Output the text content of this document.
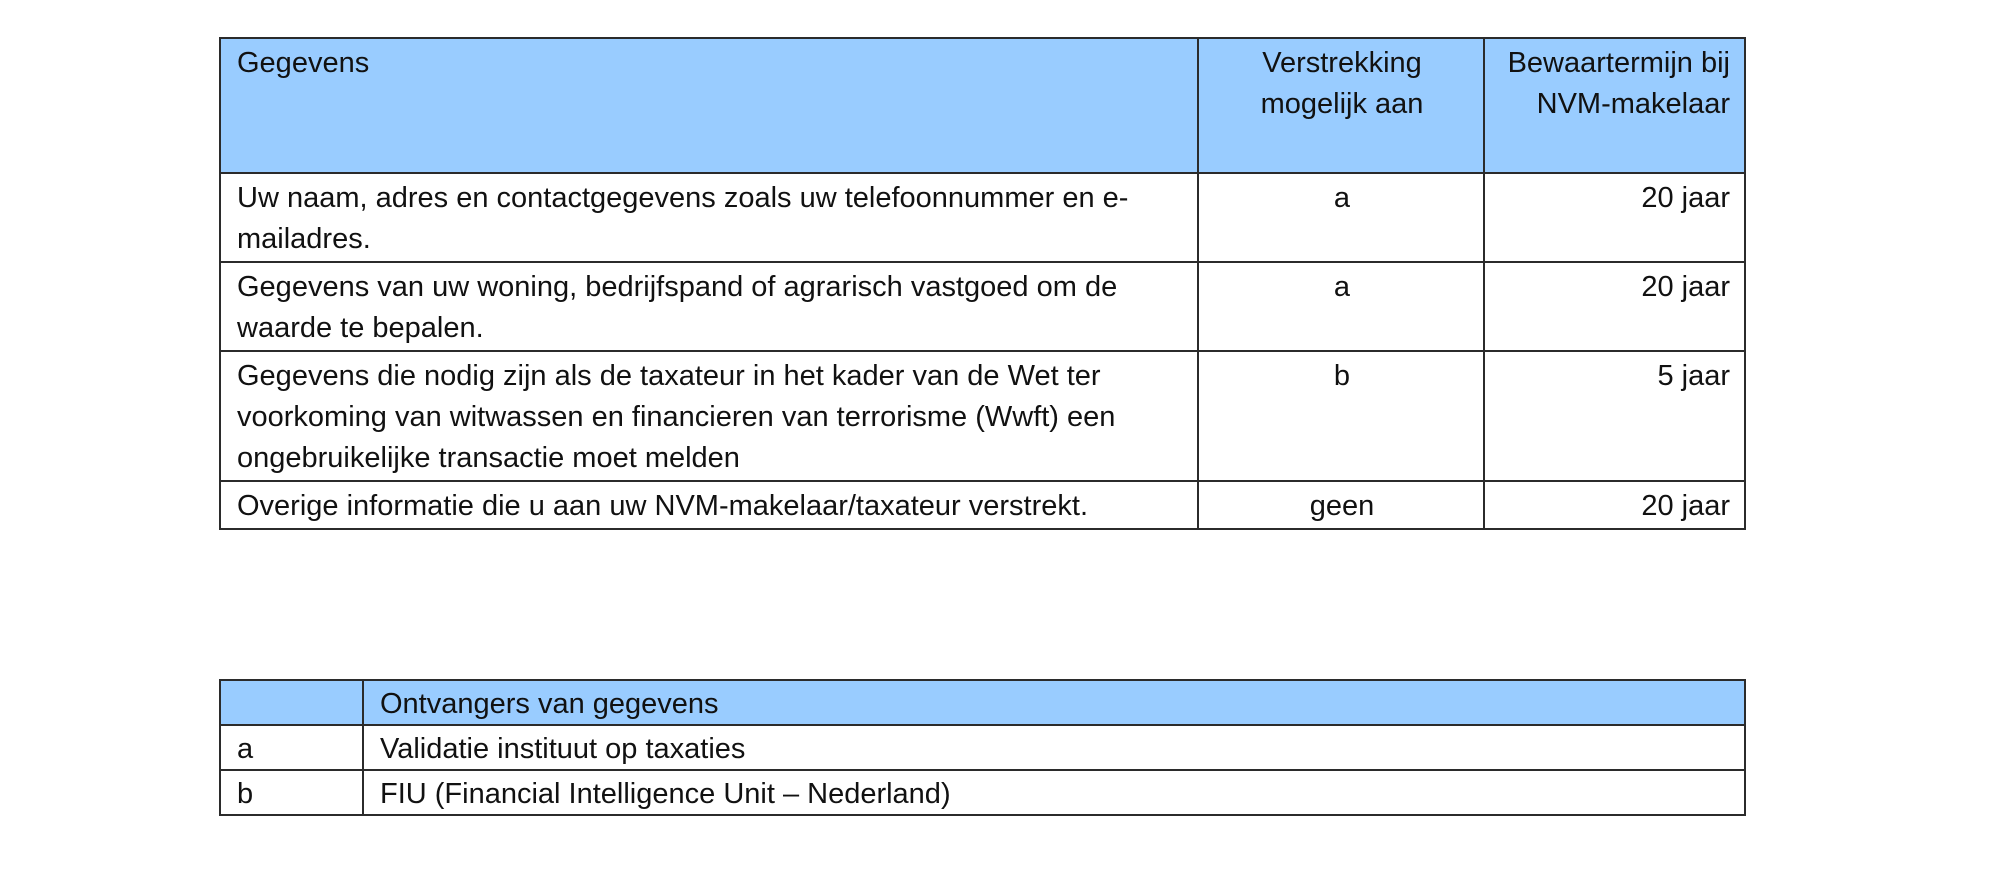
Gegevens	Verstrekking mogelijk aan	Bewaartermijn bij NVM-makelaar
Uw naam, adres en contactgegevens zoals uw telefoonnummer en e-mailadres.	a	20 jaar
Gegevens van uw woning, bedrijfspand of agrarisch vastgoed om de waarde te bepalen.	a	20 jaar
Gegevens die nodig zijn als de taxateur in het kader van de Wet ter voorkoming van witwassen en financieren van terrorisme (Wwft) een ongebruikelijke transactie moet melden	b	5 jaar
Overige informatie die u aan uw NVM-makelaar/taxateur verstrekt.	geen	20 jaar
	Ontvangers van gegevens
a	Validatie instituut op taxaties
b	FIU (Financial Intelligence Unit – Nederland)
